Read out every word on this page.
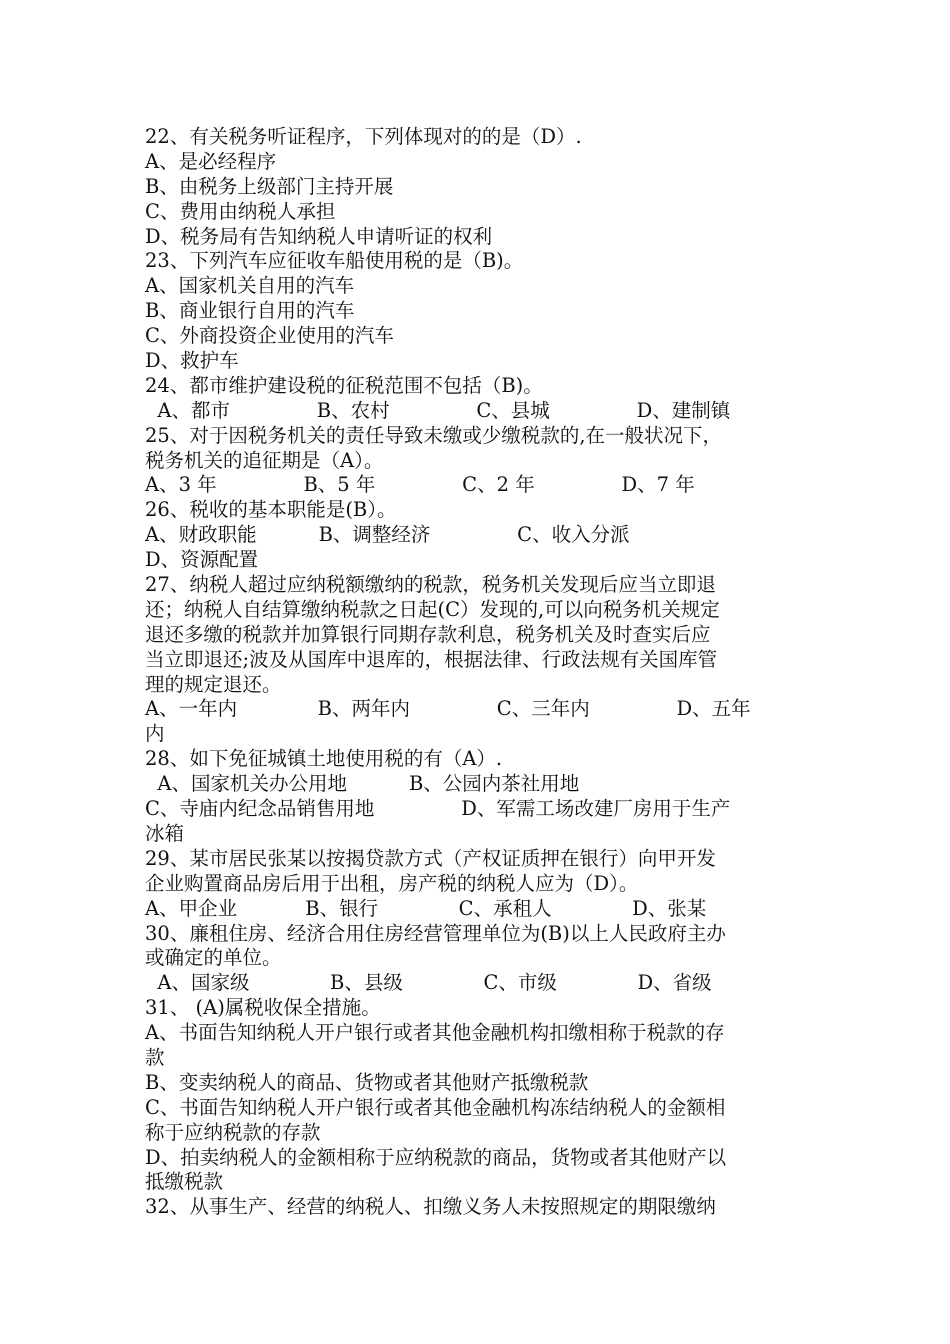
22、有关税务听证程序，下列体现对的的是（D）.
A、是必经程序
B、由税务上级部门主持开展
C、费用由纳税人承担
D、税务局有告知纳税人申请听证的权利
23、下列汽车应征收车船使用税的是（B)。
A、国家机关自用的汽车
B、商业银行自用的汽车
C、外商投资企业使用的汽车
D、救护车
24、都市维护建设税的征税范围不包括（B)。
A、都市              B、农村              C、县城              D、建制镇
25、对于因税务机关的责任导致未缴或少缴税款的,在一般状况下，
税务机关的追征期是（A）。
A、3 年              B、5 年              C、2 年              D、7 年
26、税收的基本职能是(B）。
A、财政职能          B、调整经济              C、收入分派
D、资源配置
27、纳税人超过应纳税额缴纳的税款，税务机关发现后应当立即退
还；纳税人自结算缴纳税款之日起(C）发现的,可以向税务机关规定
退还多缴的税款并加算银行同期存款利息，税务机关及时查实后应
当立即退还;波及从国库中退库的，根据法律、行政法规有关国库管
理的规定退还。
A、一年内             B、两年内              C、三年内              D、五年
内
28、如下免征城镇土地使用税的有（A）.
A、国家机关办公用地          B、公园内茶社用地
C、寺庙内纪念品销售用地              D、军需工场改建厂房用于生产
冰箱
29、某市居民张某以按揭贷款方式（产权证质押在银行）向甲开发
企业购置商品房后用于出租，房产税的纳税人应为（D）。
A、甲企业           B、银行             C、承租人             D、张某
30、廉租住房、经济合用住房经营管理单位为(B)以上人民政府主办
或确定的单位。
A、国家级             B、县级             C、市级             D、省级
31、 (A)属税收保全措施。
A、书面告知纳税人开户银行或者其他金融机构扣缴相称于税款的存
款
B、变卖纳税人的商品、货物或者其他财产抵缴税款
C、书面告知纳税人开户银行或者其他金融机构冻结纳税人的金额相
称于应纳税款的存款
D、拍卖纳税人的金额相称于应纳税款的商品，货物或者其他财产以
抵缴税款
32、从事生产、经营的纳税人、扣缴义务人未按照规定的期限缴纳
